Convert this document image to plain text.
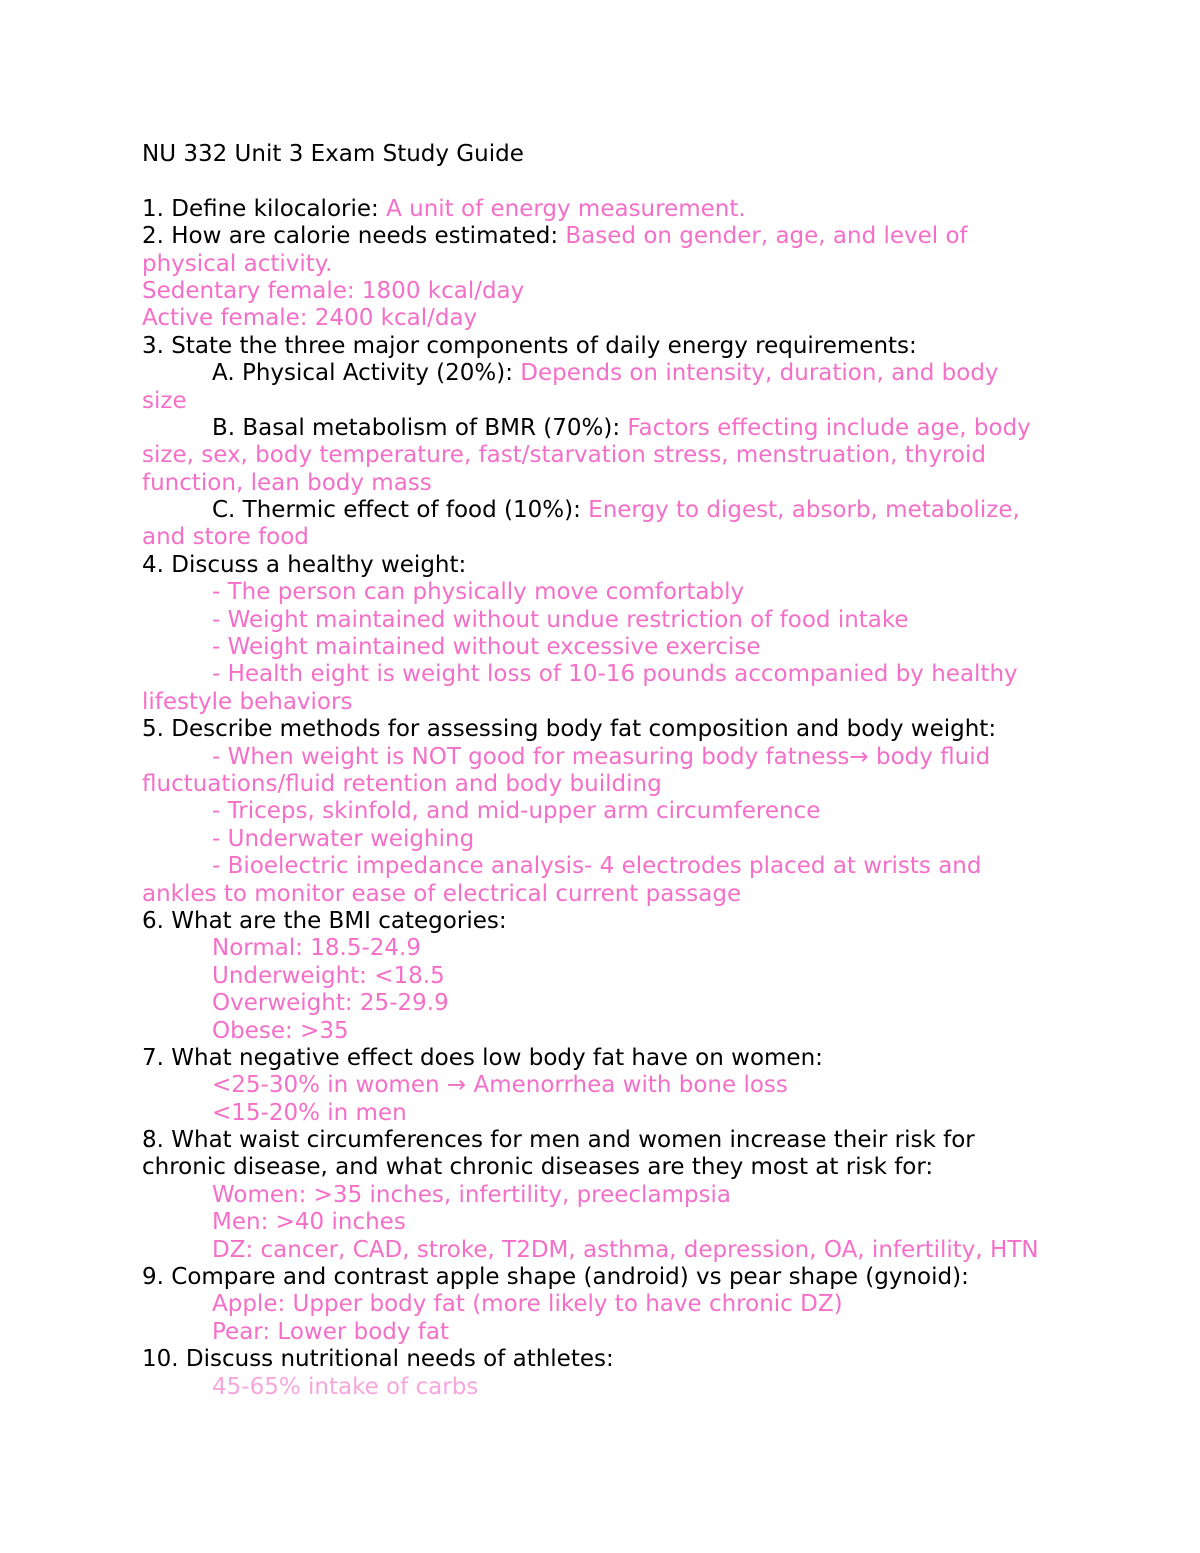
NU 332 Unit 3 Exam Study Guide
1. Define kilocalorie: A unit of energy measurement.
2. How are calorie needs estimated: Based on gender, age, and level of
physical activity.
Sedentary female: 1800 kcal/day
Active female: 2400 kcal/day
3. State the three major components of daily energy requirements:
A. Physical Activity (20%): Depends on intensity, duration, and body
size
B. Basal metabolism of BMR (70%): Factors effecting include age, body
size, sex, body temperature, fast/starvation stress, menstruation, thyroid
function, lean body mass
C. Thermic effect of food (10%): Energy to digest, absorb, metabolize,
and store food
4. Discuss a healthy weight:
- The person can physically move comfortably
- Weight maintained without undue restriction of food intake
- Weight maintained without excessive exercise
- Health eight is weight loss of 10-16 pounds accompanied by healthy
lifestyle behaviors
5. Describe methods for assessing body fat composition and body weight:
- When weight is NOT good for measuring body fatness→ body fluid
fluctuations/fluid retention and body building
- Triceps, skinfold, and mid-upper arm circumference
- Underwater weighing
- Bioelectric impedance analysis- 4 electrodes placed at wrists and
ankles to monitor ease of electrical current passage
6. What are the BMI categories:
Normal: 18.5-24.9
Underweight: <18.5
Overweight: 25-29.9
Obese: >35
7. What negative effect does low body fat have on women:
<25-30% in women → Amenorrhea with bone loss
<15-20% in men
8. What waist circumferences for men and women increase their risk for
chronic disease, and what chronic diseases are they most at risk for:
Women: >35 inches, infertility, preeclampsia
Men: >40 inches
DZ: cancer, CAD, stroke, T2DM, asthma, depression, OA, infertility, HTN
9. Compare and contrast apple shape (android) vs pear shape (gynoid):
Apple: Upper body fat (more likely to have chronic DZ)
Pear: Lower body fat
10. Discuss nutritional needs of athletes:
45-65% intake of carbs
